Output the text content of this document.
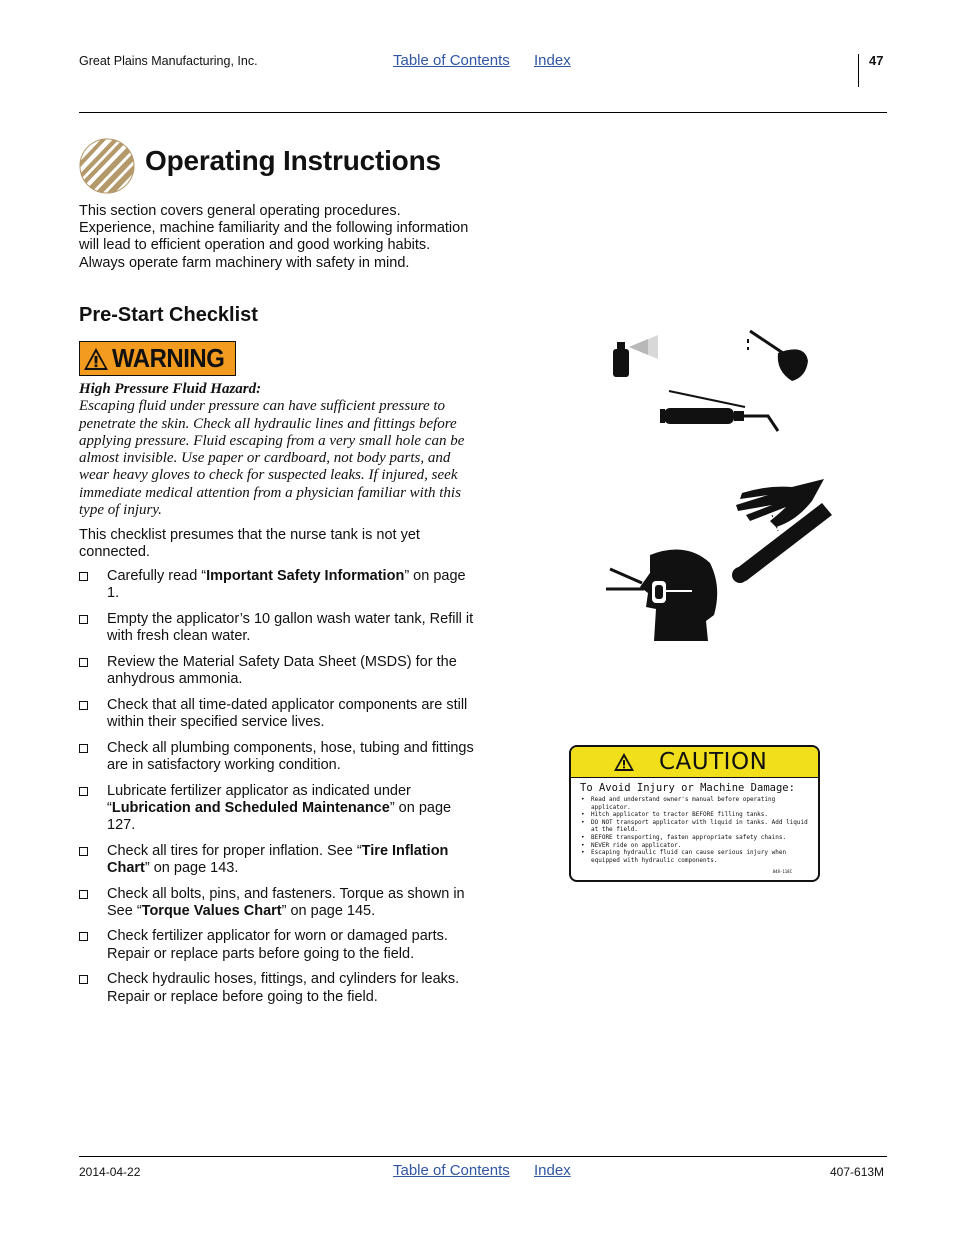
Great Plains Manufacturing, Inc.	Table of Contents Index	47
Operating Instructions
This section covers general operating procedures. Experience, machine familiarity and the following information will lead to efficient operation and good working habits. Always operate farm machinery with safety in mind.
Pre-Start Checklist
WARNING
High Pressure Fluid Hazard:
Escaping fluid under pressure can have sufficient pressure to penetrate the skin. Check all hydraulic lines and fittings before applying pressure. Fluid escaping from a very small hole can be almost invisible. Use paper or cardboard, not body parts, and wear heavy gloves to check for suspected leaks. If injured, seek immediate medical attention from a physician familiar with this type of injury.
This checklist presumes that the nurse tank is not yet connected.
Carefully read “Important Safety Information” on page 1.
Empty the applicator’s 10 gallon wash water tank, Refill it with fresh clean water.
Review the Material Safety Data Sheet (MSDS) for the anhydrous ammonia.
Check that all time-dated applicator components are still within their specified service lives.
Check all plumbing components, hose, tubing and fittings are in satisfactory working condition.
Lubricate fertilizer applicator as indicated under “Lubrication and Scheduled Maintenance” on page 127.
Check all tires for proper inflation. See “Tire Inflation Chart” on page 143.
Check all bolts, pins, and fasteners. Torque as shown in See “Torque Values Chart” on page 145.
Check fertilizer applicator for worn or damaged parts. Repair or replace parts before going to the field.
Check hydraulic hoses, fittings, and cylinders for leaks. Repair or replace before going to the field.
CAUTION
To Avoid Injury or Machine Damage:
• Read and understand owner's manual before operating applicator.
• Hitch applicator to tractor BEFORE filling tanks.
• DO NOT transport applicator with liquid in tanks. Add liquid at the field.
• BEFORE transporting, fasten appropriate safety chains.
• NEVER ride on applicator.
• Escaping hydraulic fluid can cause serious injury when equipped with hydraulic components.
848-118C
2014-04-22	Table of Contents Index	407-613M
